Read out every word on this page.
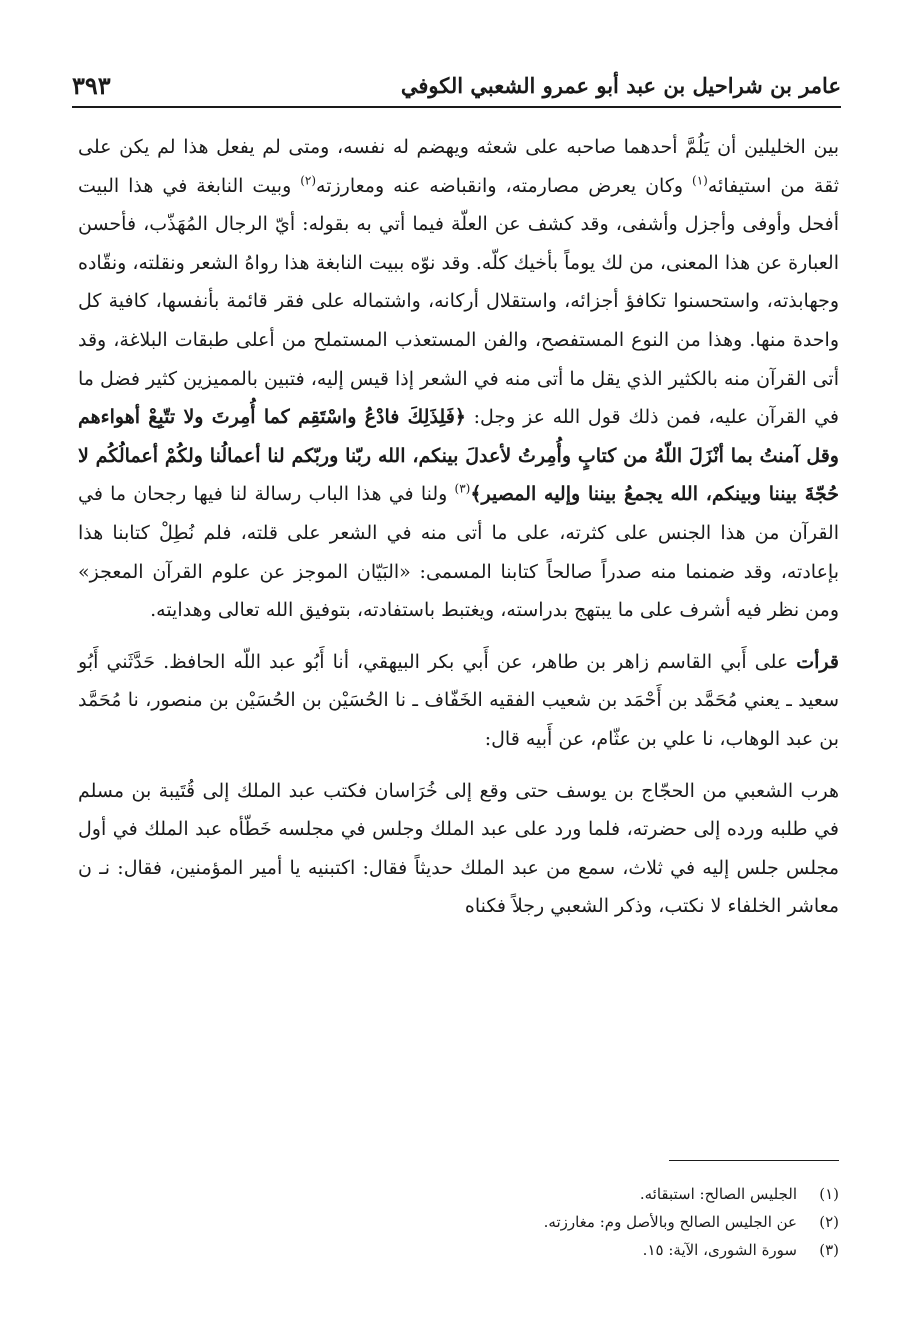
عامر بن شراحيل بن عبد أبو عمرو الشعبي الكوفي
٣٩٣

بين الخليلين أن يَلُمَّ أحدهما صاحبه على شعثه ويهضم له نفسه، ومتى لم يفعل هذا لم يكن على ثقة من استيفائه$^{(١)}$ وكان يعرض مصارمته، وانقباضه عنه ومعارزته$^{(٢)}$ وبيت النابغة في هذا البيت أفحل وأوفى وأجزل وأشفى، وقد كشف عن العلّة فيما أتي به بقوله: أيّ الرجال المُهَذّب، فأحسن العبارة عن هذا المعنى، من لك يوماً بأخيك كلّه. وقد نوّه ببيت النابغة هذا رواهُ الشعر ونقلته، ونقّاده وجهابذته، واستحسنوا تكافؤ أجزائه، واستقلال أركانه، واشتماله على فقر قائمة بأنفسها، كافية كل واحدة منها. وهذا من النوع المستفصح، والفن المستعذب المستملح من أعلى طبقات البلاغة، وقد أتى القرآن منه بالكثير الذي يقل ما أتى منه في الشعر إذا قيس إليه، فتبين بالمميزين كثير فضل ما في القرآن عليه، فمن ذلك قول الله عز وجل: ﴿فَلِذَلِكَ فادْعُ واسْتَقِم كما أُمِرتَ ولا تتّبِعْ أهواءهم وقل آمنتُ بما أنْزَلَ اللّهُ من كتابٍ وأُمِرتُ لأعدلَ بينكم، الله ربّنا وربّكم لنا أعمالُنا ولكُمْ أعمالُكُم لا حُجّةَ بيننا وبينكم، الله يجمعُ بيننا وإليه المصير﴾$^{(٣)}$ ولنا في هذا الباب رسالة لنا فيها رجحان ما في القرآن من هذا الجنس على كثرته، على ما أتى منه في الشعر على قلته، فلم نُطِلْ كتابنا هذا بإعادته، وقد ضمنما منه صدراً صالحاً كتابنا المسمى: «البَيّان الموجز عن علوم القرآن المعجز» ومن نظر فيه أشرف على ما يبتهج بدراسته، ويغتبط باستفادته، بتوفيق الله تعالى وهدايته.

قرأت على أَبي القاسم زاهر بن طاهر، عن أَبي بكر البيهقي، أنا أَبُو عبد اللّه الحافظ. حَدَّثَني أَبُو سعيد ـ يعني مُحَمَّد بن أَحْمَد بن شعيب الفقيه الخَفّاف ـ نا الحُسَيْن بن الحُسَيْن بن منصور، نا مُحَمَّد بن عبد الوهاب، نا علي بن عثّام، عن أَبيه قال:

هرب الشعبي من الحجّاج بن يوسف حتى وقع إلى خُرَاسان فكتب عبد الملك إلى قُتَيبة بن مسلم في طلبه ورده إلى حضرته، فلما ورد على عبد الملك وجلس في مجلسه خَطّأه عبد الملك في أول مجلس جلس إليه في ثلاث، سمع من عبد الملك حديثاً فقال: اكتبنيه يا أمير المؤمنين، فقال: نـ ن معاشر الخلفاء لا نكتب، وذكر الشعبي رجلاً فكناه

(١)
الجليس الصالح: استبقائه.
(٢)
عن الجليس الصالح وبالأصل وم: مغارزته.
(٣)
سورة الشورى، الآية: ١٥.
